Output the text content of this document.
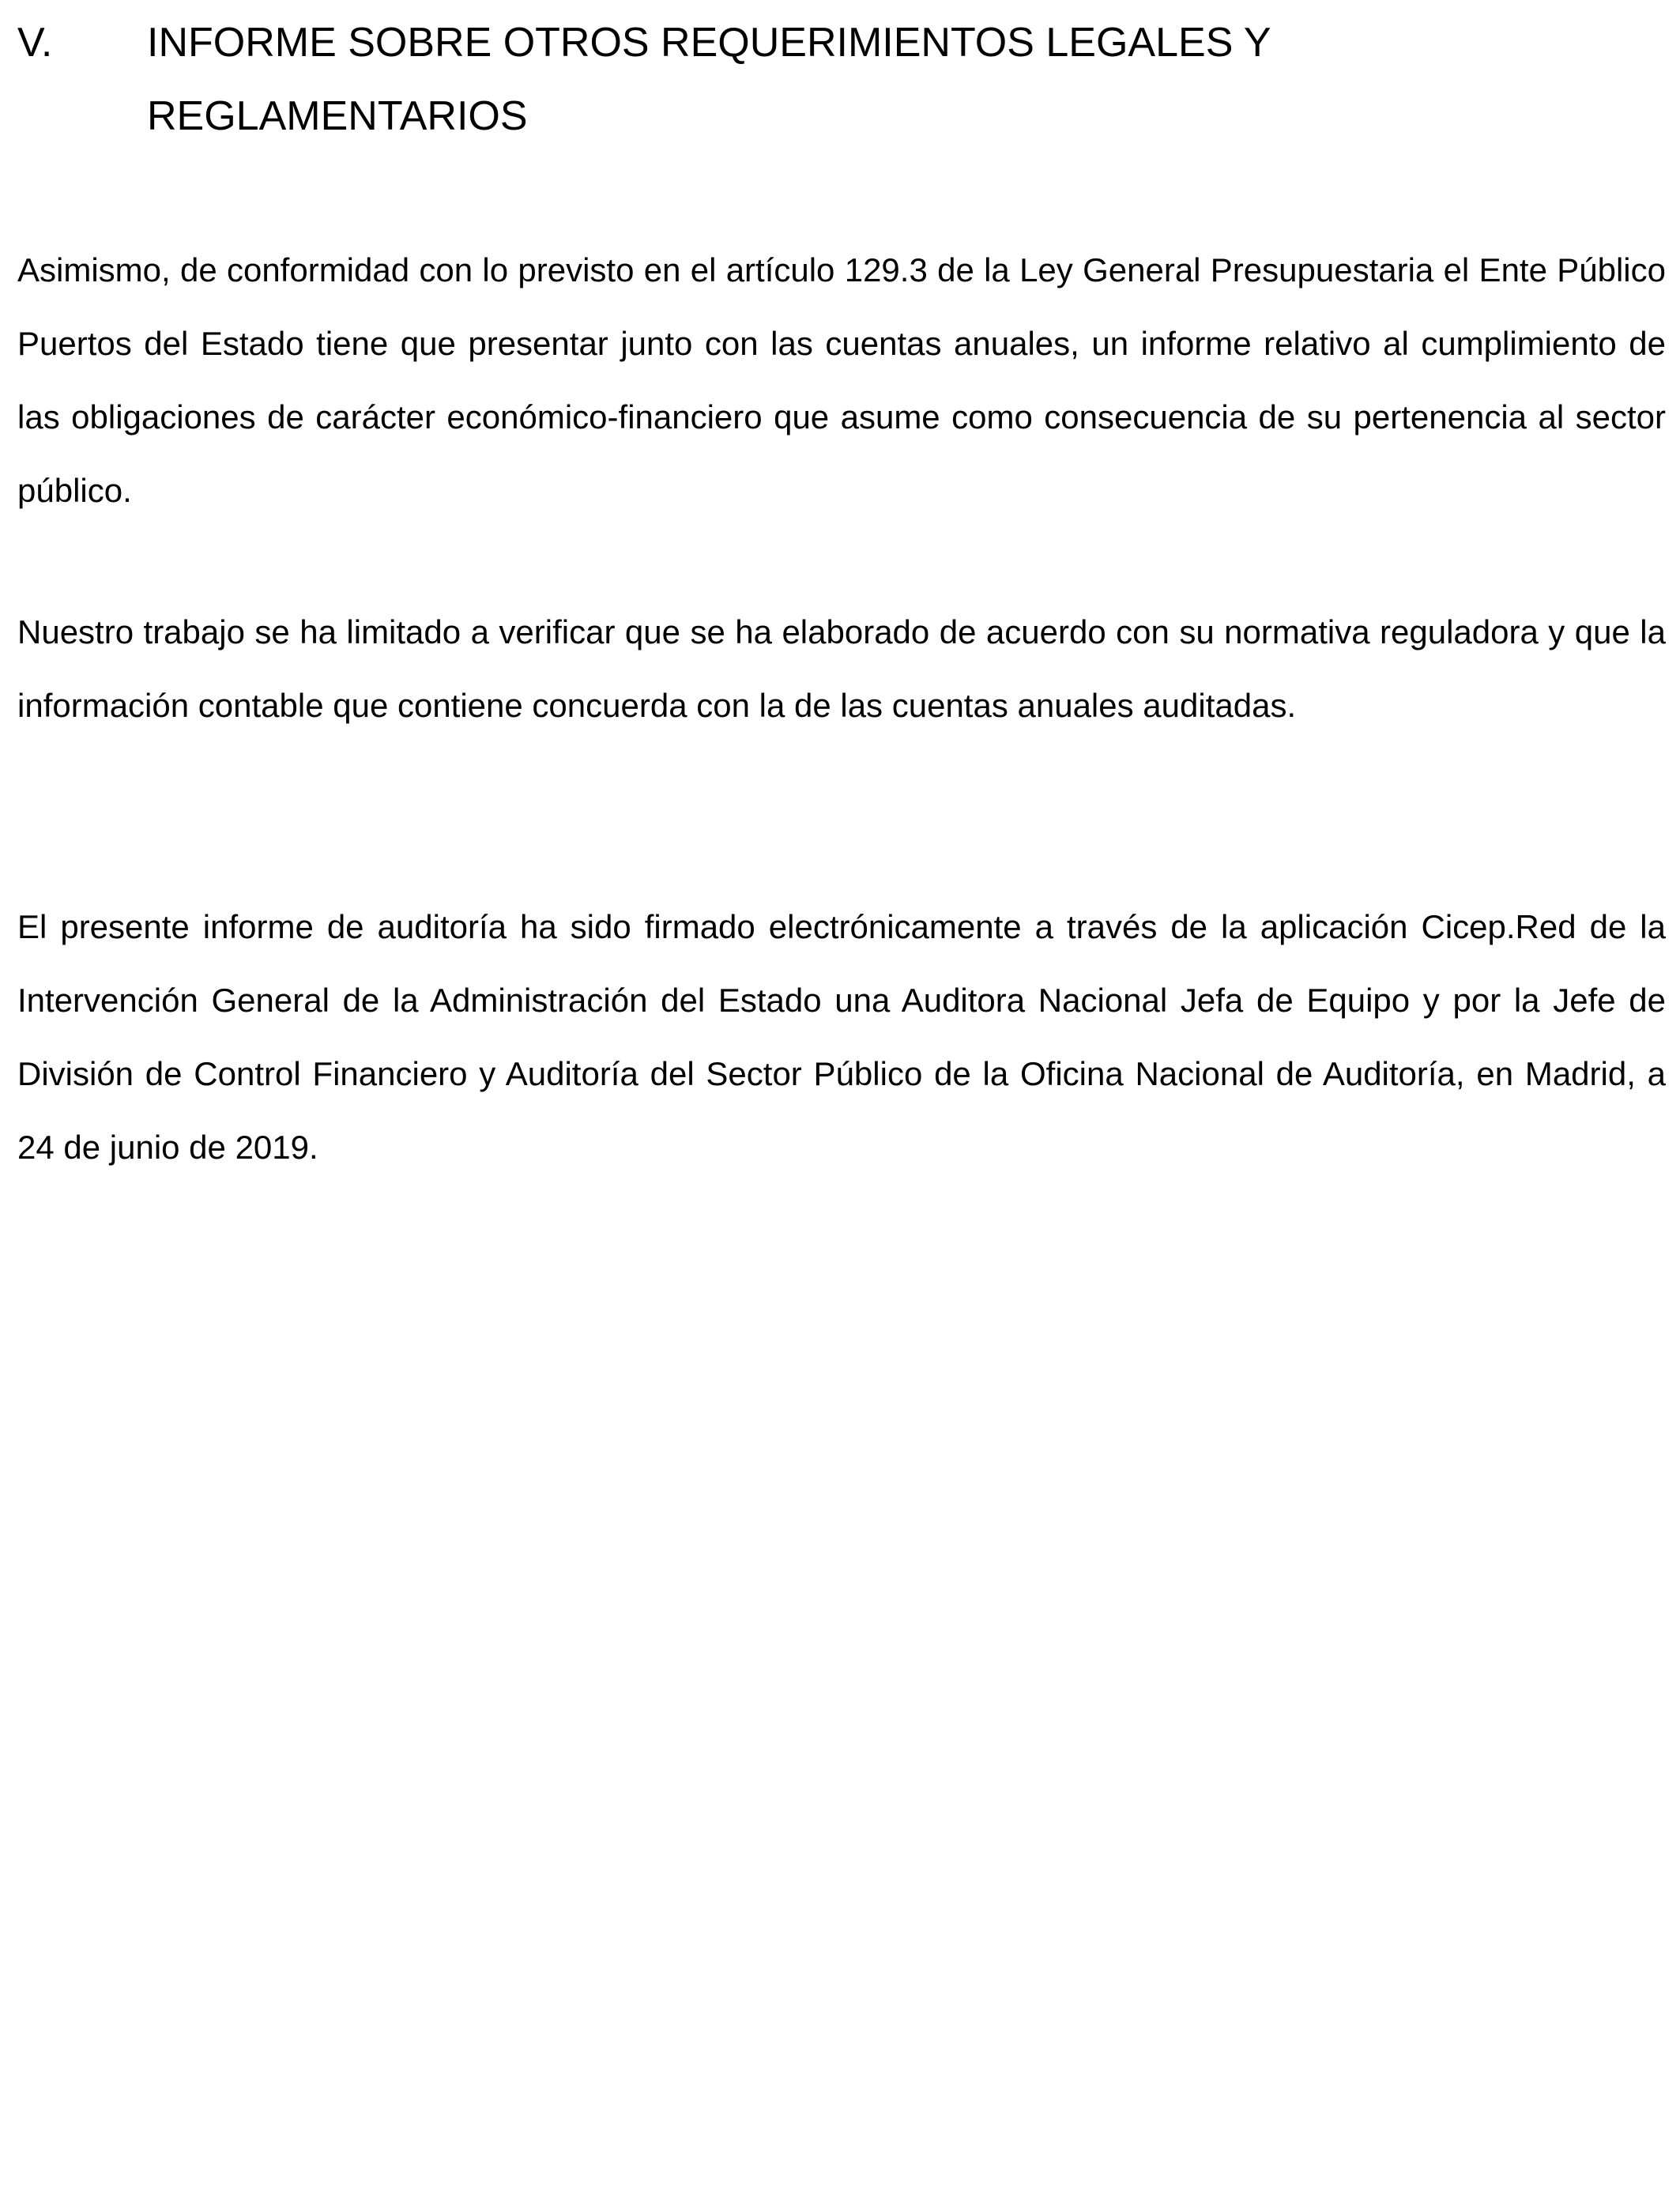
V. INFORME SOBRE OTROS REQUERIMIENTOS LEGALES Y REGLAMENTARIOS

Asimismo, de conformidad con lo previsto en el artículo 129.3 de la Ley General Presupuestaria el Ente Público Puertos del Estado tiene que presentar junto con las cuentas anuales, un informe relativo al cumplimiento de las obligaciones de carácter económico-financiero que asume como consecuencia de su pertenencia al sector público.

Nuestro trabajo se ha limitado a verificar que se ha elaborado de acuerdo con su normativa reguladora y que la información contable que contiene concuerda con la de las cuentas anuales auditadas.

El presente informe de auditoría ha sido firmado electrónicamente a través de la aplicación Cicep.Red de la Intervención General de la Administración del Estado una Auditora Nacional Jefa de Equipo y por la Jefe de División de Control Financiero y Auditoría del Sector Público de la Oficina Nacional de Auditoría, en Madrid, a 24 de junio de 2019.
